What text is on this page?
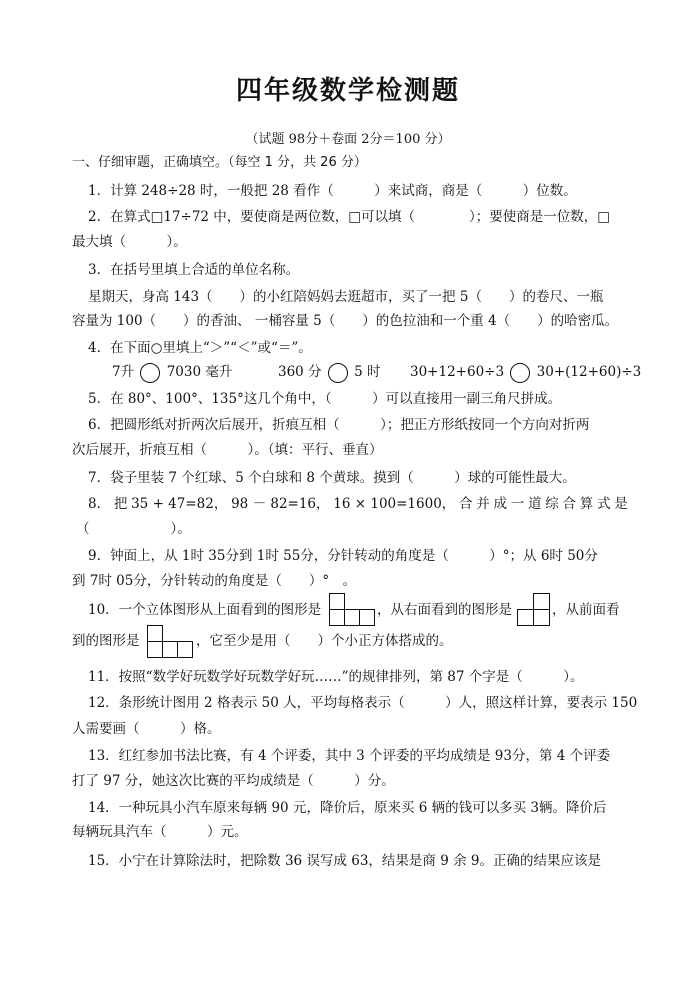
四年级数学检测题
（试题 98分＋卷面 2分＝100 分）
一、仔细审题，正确填空。（每空 1 分，共 26 分）
1．计算 248÷28 时，一般把 28 看作（　　　）来试商，商是（　　　）位数。
2．在算式□17÷72 中，要使商是两位数，□可以填（　　　　）；要使商是一位数，□
最大填（　　　）。
3．在括号里填上合适的单位名称。
星期天，身高 143（　　）的小红陪妈妈去逛超市，买了一把 5（　　）的卷尺、一瓶
容量为 100（　　）的香油、 一桶容量 5（　　）的色拉油和一个重 4（　　）的哈密瓜。
4．在下面○里填上“＞”“＜”或“＝”。
7升 7030 毫升	360 分 5 时 30+12+60÷3 30+(12+60)÷3
5．在 80°、100°、135°这几个角中，（　　　）可以直接用一副三角尺拼成。
6．把圆形纸对折两次后展开，折痕互相（　　　）；把正方形纸按同一个方向对折两
次后展开，折痕互相（　　　）。（填：平行、垂直）
7．袋子里装 7 个红球、5 个白球和 8 个黄球。摸到（　　　）球的可能性最大。
8． 把 35 + 47=82， 98 － 82=16， 16 × 100=1600， 合 并 成 一 道 综 合 算 式 是
（　　　　　　）。
9．钟面上，从 1时 35分到 1时 55分，分针转动的角度是（　　　）°；从 6时 50分
到 7时 05分，分针转动的角度是（　　）°　。
10．一个立体图形从上面看到的图形是	，从右面看到的图形是	，从前面看
到的图形是	，它至少是用（　　）个小正方体搭成的。
11．按照“数学好玩数学好玩数学好玩……”的规律排列，第 87 个字是（　　　）。
12．条形统计图用 2 格表示 50 人，平均每格表示（　　　）人，照这样计算，要表示 150
人需要画（　　　）格。
13．红红参加书法比赛，有 4 个评委，其中 3 个评委的平均成绩是 93分，第 4 个评委
打了 97 分，她这次比赛的平均成绩是（　　　）分。
14．一种玩具小汽车原来每辆 90 元，降价后，原来买 6 辆的钱可以多买 3辆。降价后
每辆玩具汽车（　　　）元。
15．小宁在计算除法时，把除数 36 误写成 63，结果是商 9 余 9。正确的结果应该是
